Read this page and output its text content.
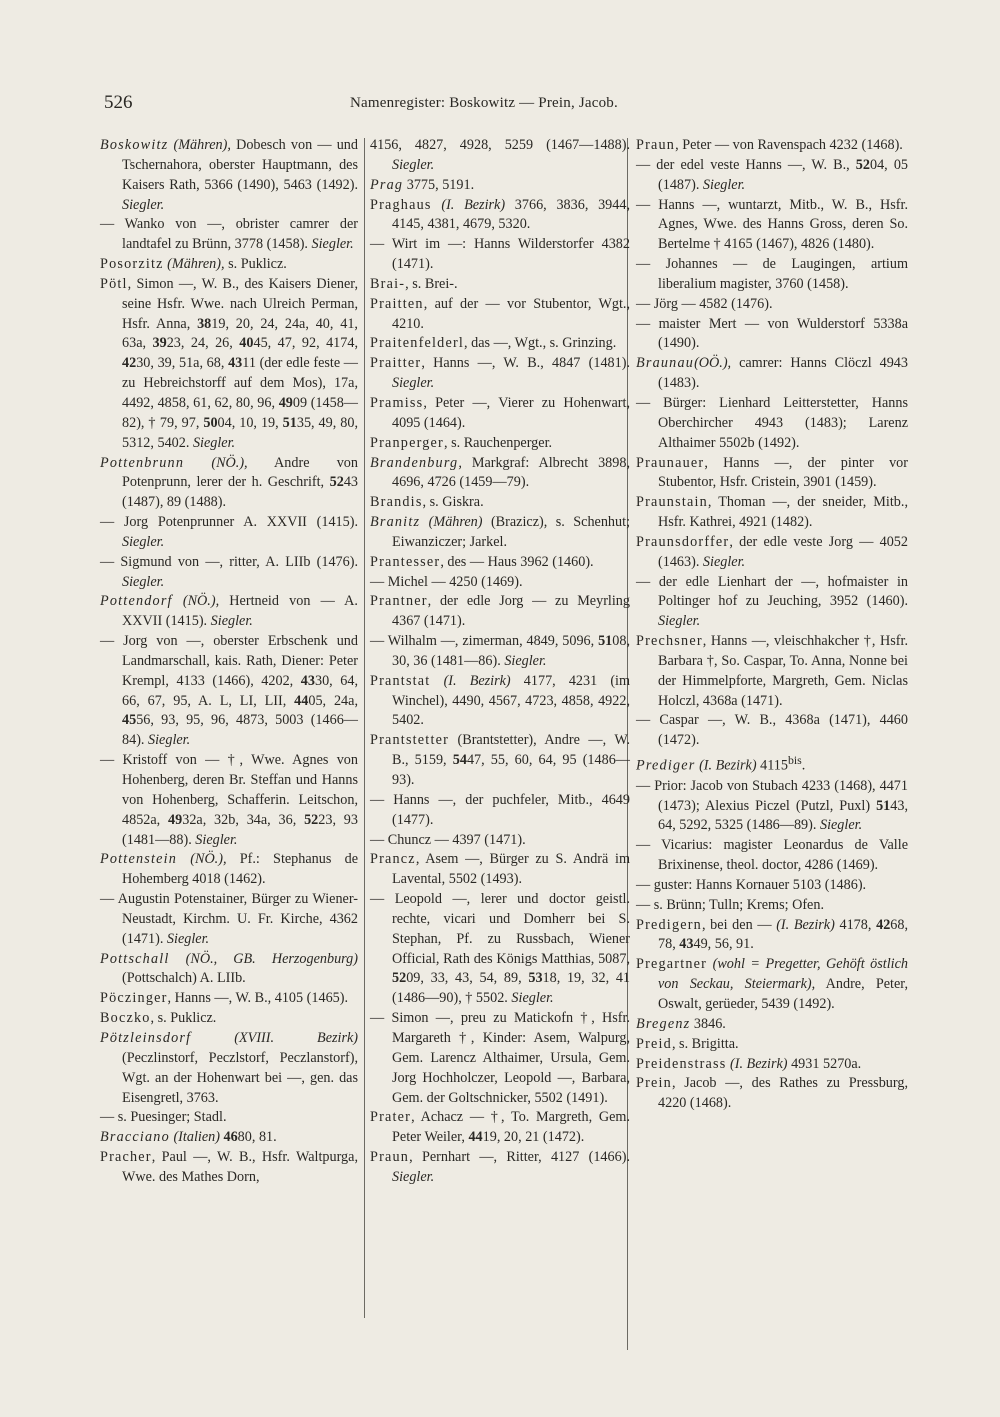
526	Namenregister: Boskowitz — Prein, Jacob.
Boskowitz (Mähren), Dobesch von — und Tschernahora, oberster Hauptmann, des Kaisers Rath, 5366 (1490), 5463 (1492). Siegler.
— Wanko von —, obrister camrer der landtafel zu Brünn, 3778 (1458). Siegler.
Posorzitz (Mähren), s. Puklicz.
Pötl, Simon —, W. B., des Kaisers Diener, seine Hsfr. Wwe. nach Ulreich Perman, Hsfr. Anna, 3819, 20, 24, 24a, 40, 41, 63a, 3923, 24, 26, 4045, 47, 92, 4174, 4230, 39, 51a, 68, 4311 (der edle feste — zu Hebreichstorff auf dem Mos), 17a, 4492, 4858, 61, 62, 80, 96, 4909 (1458—82), † 79, 97, 5004, 10, 19, 5135, 49, 80, 5312, 5402. Siegler.
Pottenbrunn (NÖ.), Andre von Potenprunn, lerer der h. Geschrift, 5243 (1487), 89 (1488).
— Jorg Potenprunner A. XXVII (1415). Siegler.
— Sigmund von —, ritter, A. LIIb (1476). Siegler.
Pottendorf (NÖ.), Hertneid von — A. XXVII (1415). Siegler.
— Jorg von —, oberster Erbschenk und Landmarschall, kais. Rath, Diener: Peter Krempl, 4133 (1466), 4202, 4330, 64, 66, 67, 95, A. L, LI, LII, 4405, 24a, 4556, 93, 95, 96, 4873, 5003 (1466—84). Siegler.
— Kristoff von — †, Wwe. Agnes von Hohenberg, deren Br. Steffan und Hanns von Hohenberg, Schafferin. Leitschon, 4852a, 4932a, 32b, 34a, 36, 5223, 93 (1481—88). Siegler.
Pottenstein (NÖ.), Pf.: Stephanus de Hohemberg 4018 (1462).
— Augustin Potenstainer, Bürger zu Wiener-Neustadt, Kirchm. U. Fr. Kirche, 4362 (1471). Siegler.
Pottschall (NÖ., GB. Herzogenburg) (Pottschalch) A. LIIb.
Pöczinger, Hanns —, W. B., 4105 (1465).
Boczko, s. Puklicz.
Pötzleinsdorf (XVIII. Bezirk) (Peczlinstorf, Peczlstorf, Peczlanstorf), Wgt. an der Hohenwart bei —, gen. das Eisengretl, 3763.
— s. Puesinger; Stadl.
Bracciano (Italien) 4680, 81.
Pracher, Paul —, W. B., Hsfr. Waltpurga, Wwe. des Mathes Dorn,
4156, 4827, 4928, 5259 (1467—1488). Siegler.
Prag 3775, 5191.
Praghaus (I. Bezirk) 3766, 3836, 3944, 4145, 4381, 4679, 5320.
— Wirt im —: Hanns Wilderstorfer 4382 (1471).
Brai-, s. Brei-.
Praitten, auf der — vor Stubentor, Wgt., 4210.
Praitenfelderl, das —, Wgt., s. Grinzing.
Praitter, Hanns —, W. B., 4847 (1481). Siegler.
Pramiss, Peter —, Vierer zu Hohenwart, 4095 (1464).
Pranperger, s. Rauchenperger.
Brandenburg, Markgraf: Albrecht 3898, 4696, 4726 (1459—79).
Brandis, s. Giskra.
Branitz (Mähren) (Brazicz), s. Schenhut; Eiwanziczer; Jarkel.
Prantesser, des — Haus 3962 (1460).
— Michel — 4250 (1469).
Prantner, der edle Jorg — zu Meyrling 4367 (1471).
— Wilhalm —, zimerman, 4849, 5096, 5108, 30, 36 (1481—86). Siegler.
Prantstat (I. Bezirk) 4177, 4231 (im Winchel), 4490, 4567, 4723, 4858, 4922, 5402.
Prantstetter (Brantstetter), Andre —, W. B., 5159, 5447, 55, 60, 64, 95 (1486—93).
— Hanns —, der puchfeler, Mitb., 4649 (1477).
— Chuncz — 4397 (1471).
Prancz, Asem —, Bürger zu S. Andrä im Lavental, 5502 (1493).
— Leopold —, lerer und doctor geistl. rechte, vicari und Domherr bei S. Stephan, Pf. zu Russbach, Wiener Official, Rath des Königs Matthias, 5087, 5209, 33, 43, 54, 89, 5318, 19, 32, 41 (1486—90), † 5502. Siegler.
— Simon —, preu zu Matickofn †, Hsfr. Margareth †, Kinder: Asem, Walpurg, Gem. Larencz Althaimer, Ursula, Gem. Jorg Hochholczer, Leopold —, Barbara, Gem. der Goltschnicker, 5502 (1491).
Prater, Achacz — †, To. Margreth, Gem. Peter Weiler, 4419, 20, 21 (1472).
Praun, Pernhart —, Ritter, 4127 (1466). Siegler.
Praun, Peter — von Ravenspach 4232 (1468).
— der edel veste Hanns —, W. B., 5204, 05 (1487). Siegler.
— Hanns —, wuntarzt, Mitb., W. B., Hsfr. Agnes, Wwe. des Hanns Gross, deren So. Bertelme † 4165 (1467), 4826 (1480).
— Johannes — de Laugingen, artium liberalium magister, 3760 (1458).
— Jörg — 4582 (1476).
— maister Mert — von Wulderstorf 5338a (1490).
Braunau(OÖ.), camrer: Hanns Clöczl 4943 (1483).
— Bürger: Lienhard Leitterstetter, Hanns Oberchircher 4943 (1483); Larenz Althaimer 5502b (1492).
Praunauer, Hanns —, der pinter vor Stubentor, Hsfr. Cristein, 3901 (1459).
Praunstain, Thoman —, der sneider, Mitb., Hsfr. Kathrei, 4921 (1482).
Praunsdorffer, der edle veste Jorg — 4052 (1463). Siegler.
— der edle Lienhart der —, hofmaister in Poltinger hof zu Jeuching, 3952 (1460). Siegler.
Prechsner, Hanns —, vleischhakcher †, Hsfr. Barbara †, So. Caspar, To. Anna, Nonne bei der Himmelpforte, Margreth, Gem. Niclas Holczl, 4368a (1471).
— Caspar —, W. B., 4368a (1471), 4460 (1472).
Prediger (I. Bezirk) $4115^{bis}$.
— Prior: Jacob von Stubach 4233 (1468), 4471 (1473); Alexius Piczel (Putzl, Puxl) 5143, 64, 5292, 5325 (1486—89). Siegler.
— Vicarius: magister Leonardus de Valle Brixinense, theol. doctor, 4286 (1469).
— guster: Hanns Kornauer 5103 (1486).
— s. Brünn; Tulln; Krems; Ofen.
Predigern, bei den — (I. Bezirk) 4178, 4268, 78, 4349, 56, 91.
Pregartner (wohl = Pregetter, Gehöft östlich von Seckau, Steiermark), Andre, Peter, Oswalt, gerüeder, 5439 (1492).
Bregenz 3846.
Preid, s. Brigitta.
Preidenstrass (I. Bezirk) 4931 5270a.
Prein, Jacob —, des Rathes zu Pressburg, 4220 (1468).
